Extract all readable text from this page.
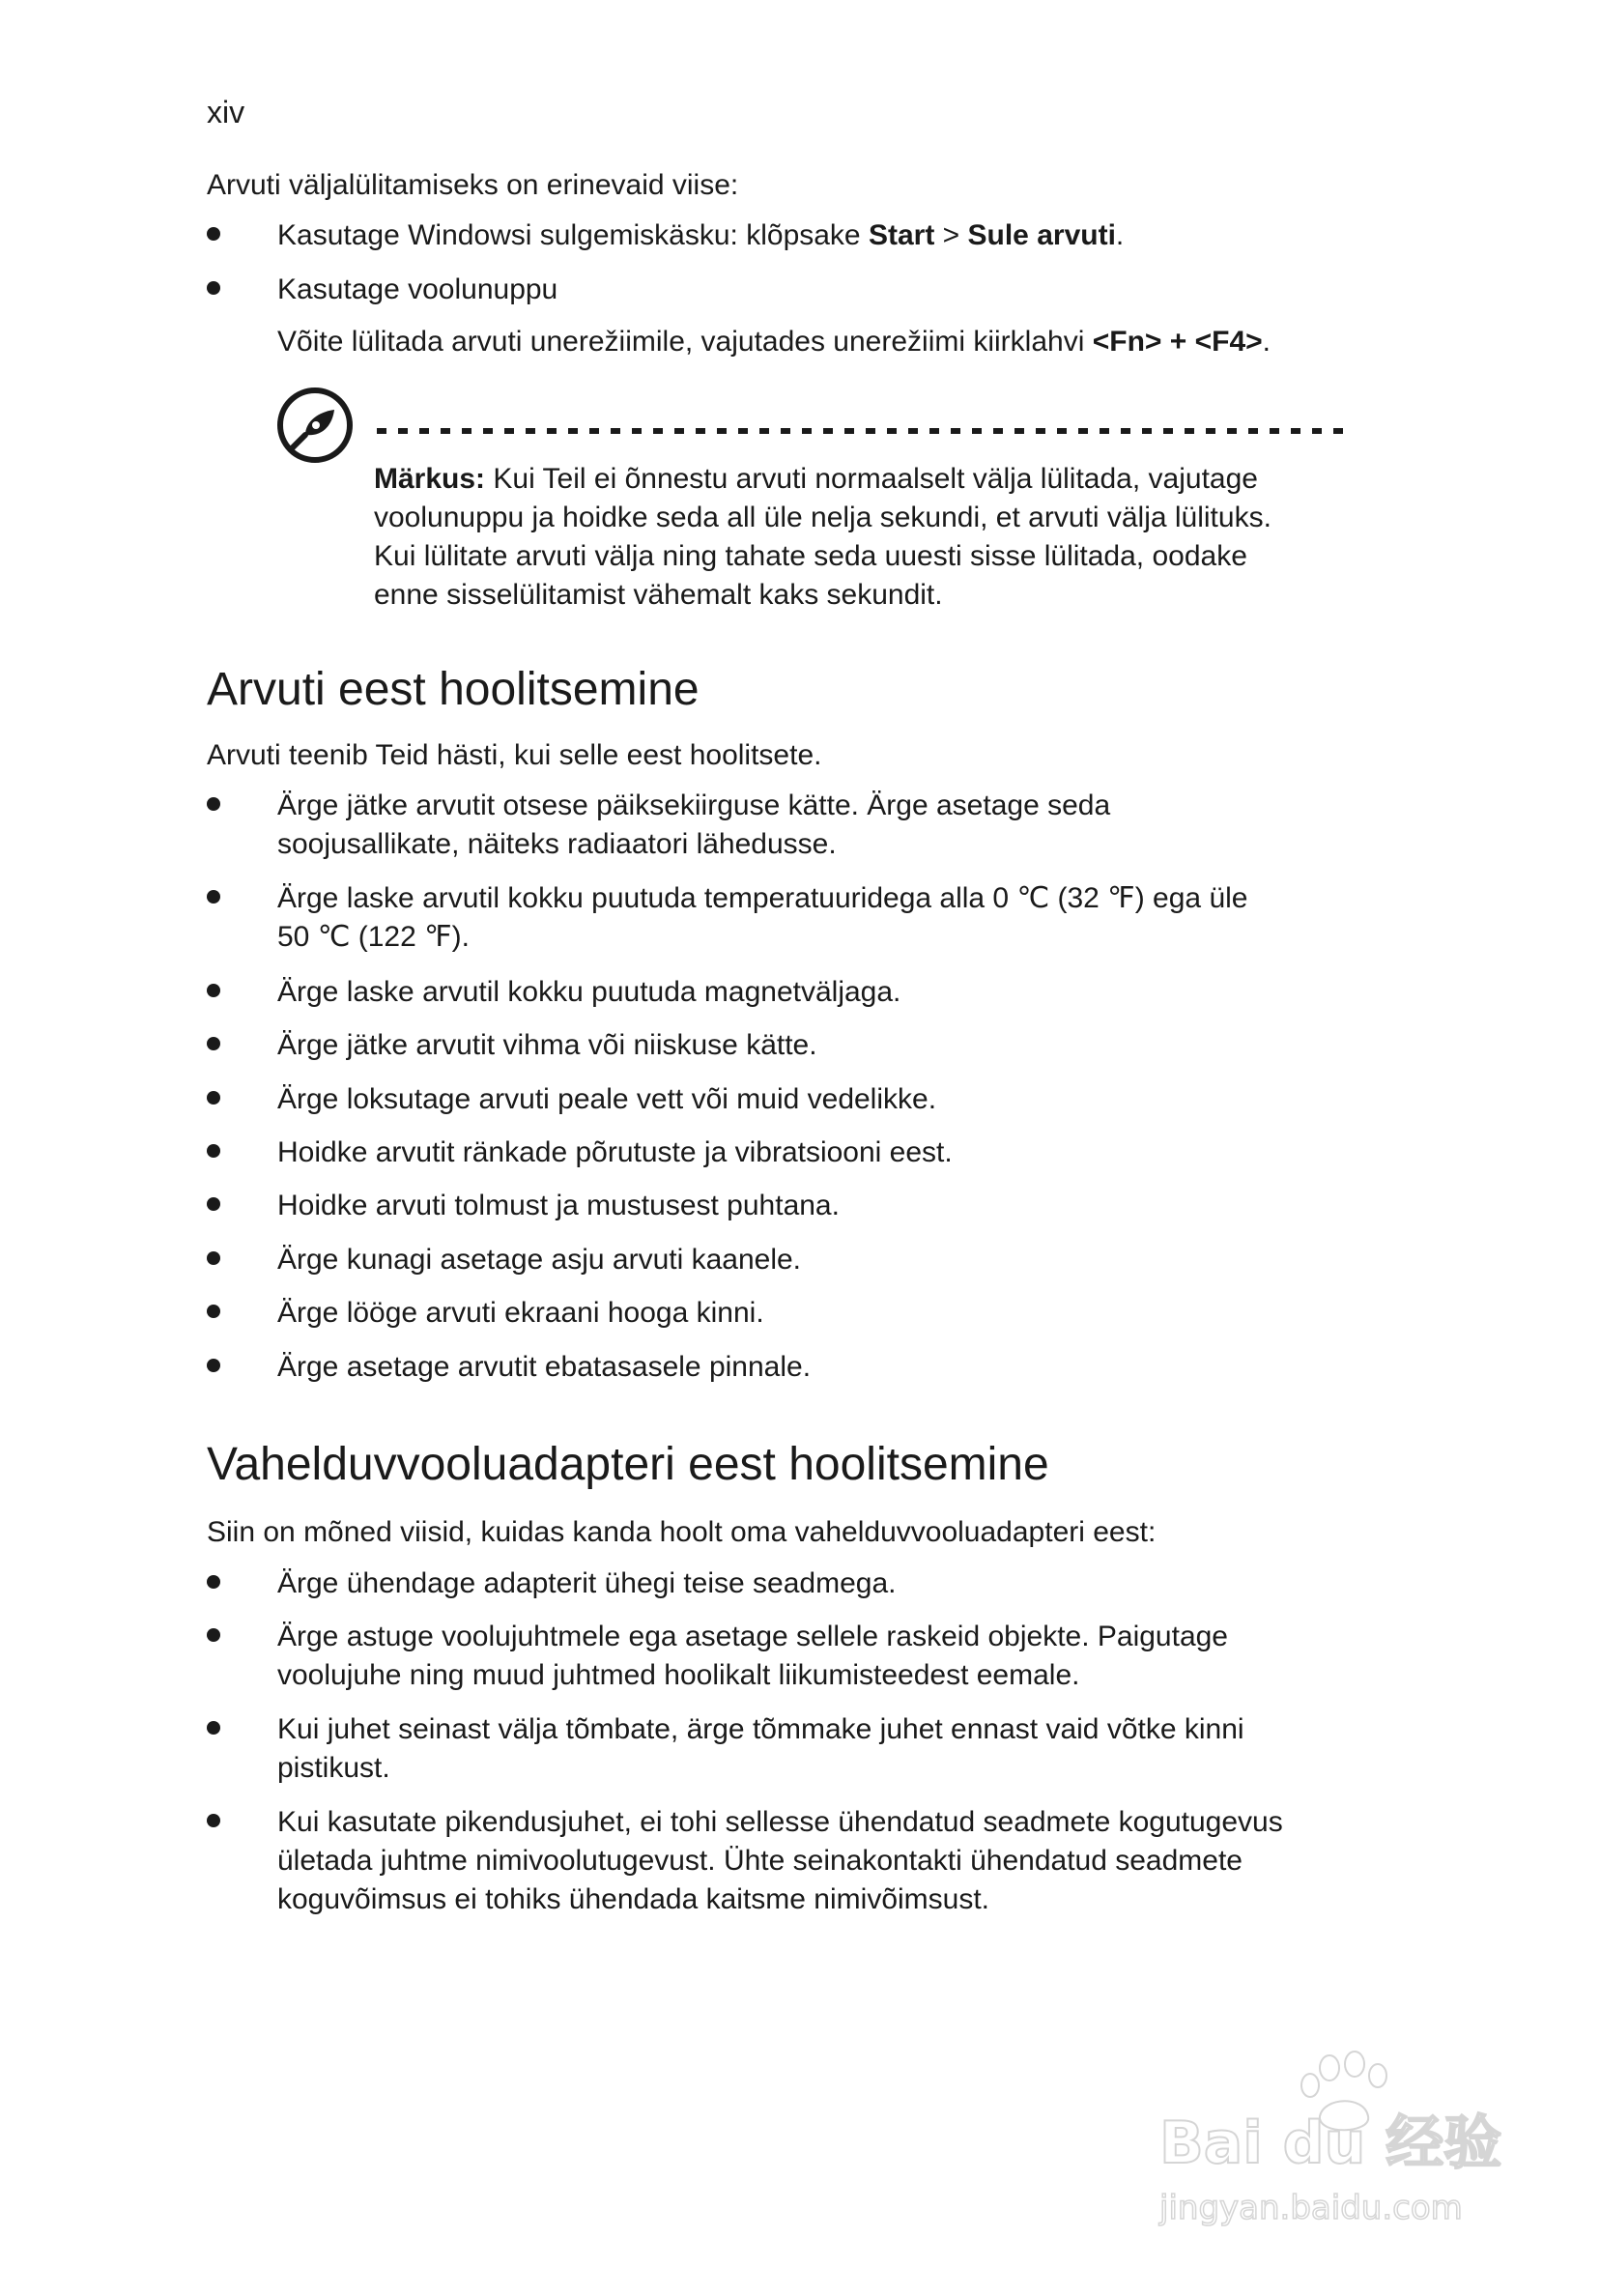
xiv
Arvuti väljalülitamiseks on erinevaid viise:
Kasutage Windowsi sulgemiskäsku: klõpsake Start > Sule arvuti.
Kasutage voolunuppu
Võite lülitada arvuti unerežiimile, vajutades unerežiimi kiirklahvi <Fn> + <F4>.
Märkus: Kui Teil ei õnnestu arvuti normaalselt välja lülitada, vajutage
voolunuppu ja hoidke seda all üle nelja sekundi, et arvuti välja lülituks.
Kui lülitate arvuti välja ning tahate seda uuesti sisse lülitada, oodake
enne sisselülitamist vähemalt kaks sekundit.
Arvuti eest hoolitsemine
Arvuti teenib Teid hästi, kui selle eest hoolitsete.
Ärge jätke arvutit otsese päiksekiirguse kätte. Ärge asetage seda
soojusallikate, näiteks radiaatori lähedusse.
Ärge laske arvutil kokku puutuda temperatuuridega alla 0 ℃ (32 ℉) ega üle
50 ℃ (122 ℉).
Ärge laske arvutil kokku puutuda magnetväljaga.
Ärge jätke arvutit vihma või niiskuse kätte.
Ärge loksutage arvuti peale vett või muid vedelikke.
Hoidke arvutit ränkade põrutuste ja vibratsiooni eest.
Hoidke arvuti tolmust ja mustusest puhtana.
Ärge kunagi asetage asju arvuti kaanele.
Ärge lööge arvuti ekraani hooga kinni.
Ärge asetage arvutit ebatasasele pinnale.
Vahelduvvooluadapteri eest hoolitsemine
Siin on mõned viisid, kuidas kanda hoolt oma vahelduvvooluadapteri eest:
Ärge ühendage adapterit ühegi teise seadmega.
Ärge astuge voolujuhtmele ega asetage sellele raskeid objekte. Paigutage
voolujuhe ning muud juhtmed hoolikalt liikumisteedest eemale.
Kui juhet seinast välja tõmbate, ärge tõmmake juhet ennast vaid võtke kinni
pistikust.
Kui kasutate pikendusjuhet, ei tohi sellesse ühendatud seadmete kogutugevus
ületada juhtme nimivoolutugevust. Ühte seinakontakti ühendatud seadmete
koguvõimsus ei tohiks ühendada kaitsme nimivõimsust.
Bai du 经验
jingyan.baidu.com
